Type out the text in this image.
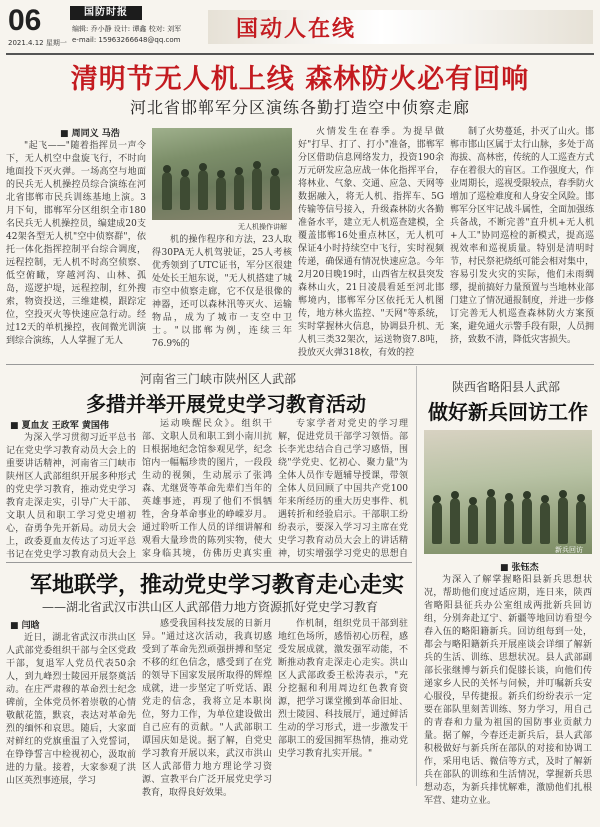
06
2021.4.12 星期一
国防时报
编辑: 乔小静 设计: 谭鑫 校对: 刘军
e-mail: 15963266648@qq.com	国动人在线
清明节无人机上线 森林防火必有回响
河北省邯郸军分区演练各勤打造空中侦察走廊
■ 周同义 马浩

"起飞——"随着指挥员一声令下，无人机空中盘旋飞行，不时向地面投下灭火弹。一场高空与地面的民兵无人机操控员综合演练在河北省邯郸市民兵训练基地上演。3月下旬，邯郸军分区组织全市180名民兵无人机操控员，编建成20支42架各型无人机"空中侦察群"，依托一体化指挥控制平台综合调度，远程控制，无人机不时高空侦察、低空俯瞰，穿越河沟、山林、孤岛，巡逻护堤，远程控制，红外搜索，物资投送，三维建模，跟踪定位，空投灭火等快速应急行动。经过12天的单机操控，夜间微光训演到综合演练，人人掌握了无人

无人机操作讲解

机的操作程序和方法，23人取得30PA无人机驾驶证，25人考核优秀领到了UTC证书，军分区很建处处长王旭东说，"无人机搭建了城市空中侦察走廊，它不仅是很像的神器，还可以森林汛等灭火、运输物品，成为了城市一支空中卫士。"以邯郸为例，连续三年76.9%的

火情发生在春季。为提早做好"打早、打了、打小"准备，邯郸军分区借助信息网络发力，投资190余万元研发应急应战一体化指挥平台，将林业、气象、交通、应急、天网等数据融入，将无人机、指挥车、5G传输等信号接入，升级森林防火各勤准备水平，建立无人机巡查建模，全覆盖邯郸16处重点林区，无人机可保证4小时持续空中飞行，实时视频传递，确保通有情况快速应急。今年2月20日晚19时，山西省左权县突发森林山火，21日凌晨看延至河北邯郸境内，邯郸军分区依托无人机图传，地方林火监控、"天网"等系统，实时掌握林火信息，协调县升机、无人机三类32架次，运送物资7.8吨，投放灭火弹318枚，有效的控

制了火势蔓延，扑灭了山火。邯郸市邯山区属于太行山脉，多处于高海拔、高林密，传统的人工巡查方式存在着很大的盲区。工作强度大，作业周期长，巡视受限较点，春季防火增加了巡检难度和人身安全风险。邯郸军分区牢记战斗属性，全面加强练兵备战，不断完善"直升机+无人机+人工"协同巡检的新模式，提高巡视效率和巡视质量。特别是清明时节，村民祭祀烧纸可能会相对集中，容易引发火灾的实际，他们未雨绸缪，提前搞好力量预置与当地林业部门建立了情况通报制度，并进一步修订完善无人机巡查森林防火方案预案，避免通火示警手段有限，人员拥挤，致数不清，降低灾害损失。

河南省三门峡市陕州区人武部
多措并举开展党史学习教育活动
■ 夏血友 王政军 黄国伟

为深入学习贯彻习近平总书记在党史学习教育动员大会上的重要讲话精神，河南省三门峡市陕州区人武部组织开展多种形式的党史学习教育，推动党史学习教育走深走实，引导广大干部、文职人员和职工学习党史增初心，奋勇争先开新局。动员大会上，政委夏血友传达了习近平总书记在党史学习教育动员大会上

运动唤醒民众》。组织干部、文职人员和职工到小南川抗日根据地纪念馆参观见学，纪念馆内一幅幅珍贵的图片，一段段生动的视频，生动展示了张鸿森、尤继贤等革命先辈们当年的英雄事迹，再现了他们不惧牺牲，舍身革命事业的峥嵘岁月。通过聆听工作人员的详细讲解和观看大量珍贵的陈列实物，使大家身临其境，仿佛历史真实重

专家学者对党史的学习理解，促进党员干部学习领悟。部长李光忠结合自己学习感悟，围绕"学党史、忆初心、聚力量"为全体人员作专题辅导授课，带领全体人员回顾了中国共产党100年来所经历的重大历史事件、机遇转折和经验启示。干部职工纷纷表示，要深入学习习主席在党史学习教育动员大会上的讲话精神，切实增强学习党史的思想自

陕西省略阳县人武部
做好新兵回访工作
新兵回访
■ 张钰杰

为深入了解掌握略阳县新兵思想状况，帮助他们度过适应期，连日来，陕西省略阳县征兵办公室组成两批新兵回访组，分别奔赴辽宁、新疆等地回访看望今春入伍的略阳籍新兵。回访组每到一处，都会与略阳籍新兵开展座谈会详细了解新兵的生活、训练、思想状况。县人武部副部长张继博与新兵们促膝长谈，向他们传递家乡人民的关怀与问候，并叮嘱新兵安心服役，早传捷报。新兵们纷纷表示一定要在部队里刻苦训练、努力学习，用自己的青春和力量为祖国的国防事业贡献力量。据了解，今春还走新兵后，县人武部积极做好与新兵所在部队的对接和协调工作，采用电话、微信等方式，及时了解新兵在部队的训练和生活情况，掌握新兵思想动态，为新兵排忧解难，激励他们扎根军营、建功立业。

军地联学，推动党史学习教育走心走实
——湖北省武汉市洪山区人武部借力地方资源抓好党史学习教育
■ 闫晗

近日，湖北省武汉市洪山区人武部党委组织干部与全区党政干部，复退军人党员代表50余人，到九峰烈士陵园开展祭奠活动。在庄严肃穆的革命烈士纪念碑前，全体党员怀着崇敬的心情敬献花篮，默哀，表达对革命先烈的缅怀和哀思。随后，大家面对鲜红的党旗重温了入党誓词，在铮铮誓言中检视初心，汲取前进的力量。接着，大家参观了洪山区英烈事迹展，学习

感受我国科技发展的日新月异。"通过这次活动，我真切感受到了革命先烈顽强拼搏和坚定不移的红色信念，感受到了在党的领导下国家发展所取得的辉煌成就，进一步坚定了听党话、跟党走的信念，我将立足本职岗位，努力工作，为单位建设做出自己应有的贡献。"人武部职工谭国庆如是说。据了解，自党史学习教育开展以来，武汉市洪山区人武部借力地方理论学习资源、宣教平台广泛开展党史学习教育，取得良好效果。

作机制，组织党员干部到驻地红色场所，感悟初心历程，感受发展成就，激发强军动能，不断推动教育走深走心走实。洪山区人武部政委王松涛表示，"充分挖掘和利用周边红色教育资源，把学习课堂搬到革命旧址、烈士陵园、科技展厅，通过鲜活生动的学习形式，进一步激发干部职工的爱国拥军热情，推动党史学习教育扎实开展。"
